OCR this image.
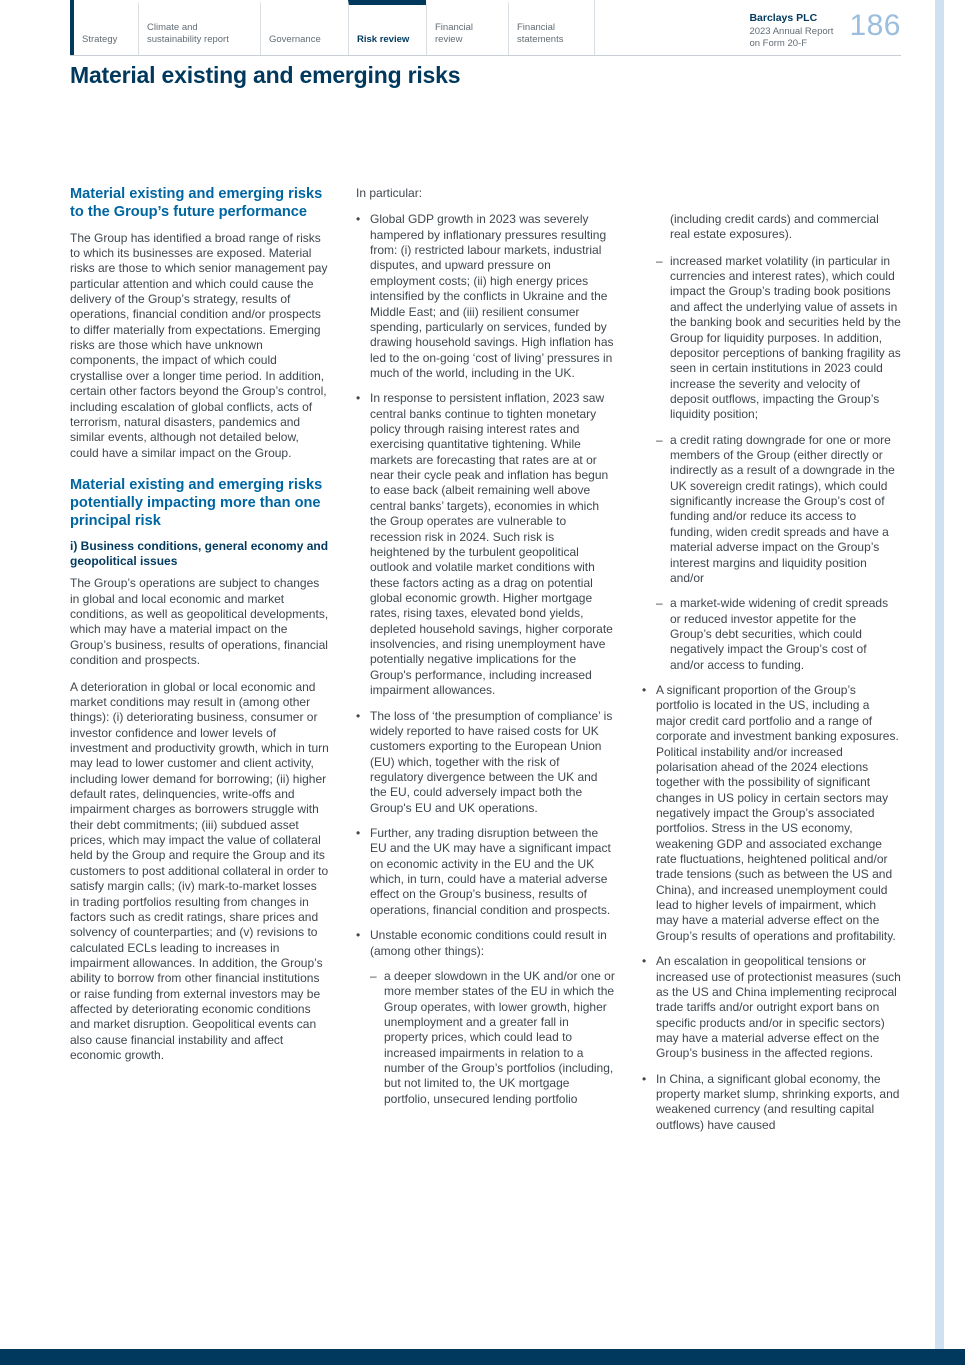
Strategy
Climate and sustainability report	Governance	Risk review
Financial review
Financial statements
Barclays PLC
2023 Annual Report
on Form 20-F
186
Material existing and emerging risks
Material existing and emerging risks to the Group’s future performance

The Group has identified a broad range of risks to which its businesses are exposed. Material risks are those to which senior management pay particular attention and which could cause the delivery of the Group’s strategy, results of operations, financial condition and/or prospects to differ materially from expectations. Emerging risks are those which have unknown components, the impact of which could crystallise over a longer time period. In addition, certain other factors beyond the Group’s control, including escalation of global conflicts, acts of terrorism, natural disasters, pandemics and similar events, although not detailed below, could have a similar impact on the Group.

Material existing and emerging risks potentially impacting more than one principal risk
i) Business conditions, general economy and geopolitical issues

The Group’s operations are subject to changes in global and local economic and market conditions, as well as geopolitical developments, which may have a material impact on the Group’s business, results of operations, financial condition and prospects.

A deterioration in global or local economic and market conditions may result in (among other things): (i) deteriorating business, consumer or investor confidence and lower levels of investment and productivity growth, which in turn may lead to lower customer and client activity, including lower demand for borrowing; (ii) higher default rates, delinquencies, write-offs and impairment charges as borrowers struggle with their debt commitments; (iii) subdued asset prices, which may impact the value of collateral held by the Group and require the Group and its customers to post additional collateral in order to satisfy margin calls; (iv) mark-to-market losses in trading portfolios resulting from changes in factors such as credit ratings, share prices and solvency of counterparties; and (v) revisions to calculated ECLs leading to increases in impairment allowances. In addition, the Group’s ability to borrow from other financial institutions or raise funding from external investors may be affected by deteriorating economic conditions and market disruption. Geopolitical events can also cause financial instability and affect economic growth.

In particular:

• Global GDP growth in 2023 was severely hampered by inflationary pressures resulting from: (i) restricted labour markets, industrial disputes, and upward pressure on employment costs; (ii) high energy prices intensified by the conflicts in Ukraine and the Middle East; and (iii) resilient consumer spending, particularly on services, funded by drawing household savings. High inflation has led to the on-going ‘cost of living’ pressures in much of the world, including in the UK.
• In response to persistent inflation, 2023 saw central banks continue to tighten monetary policy through raising interest rates and exercising quantitative tightening. While markets are forecasting that rates are at or near their cycle peak and inflation has begun to ease back (albeit remaining well above central banks’ targets), economies in which the Group operates are vulnerable to recession risk in 2024. Such risk is heightened by the turbulent geopolitical outlook and volatile market conditions with these factors acting as a drag on potential global economic growth. Higher mortgage rates, rising taxes, elevated bond yields, depleted household savings, higher corporate insolvencies, and rising unemployment have potentially negative implications for the Group's performance, including increased impairment allowances.
• The loss of ‘the presumption of compliance’ is widely reported to have raised costs for UK customers exporting to the European Union (EU) which, together with the risk of regulatory divergence between the UK and the EU, could adversely impact both the Group's EU and UK operations.
• Further, any trading disruption between the EU and the UK may have a significant impact on economic activity in the EU and the UK which, in turn, could have a material adverse effect on the Group’s business, results of operations, financial condition and prospects.
• Unstable economic conditions could result in (among other things):
– a deeper slowdown in the UK and/or one or more member states of the EU in which the Group operates, with lower growth, higher unemployment and a greater fall in property prices, which could lead to increased impairments in relation to a number of the Group’s portfolios (including, but not limited to, the UK mortgage portfolio, unsecured lending portfolio

(including credit cards) and commercial real estate exposures).

– increased market volatility (in particular in currencies and interest rates), which could impact the Group’s trading book positions and affect the underlying value of assets in the banking book and securities held by the Group for liquidity purposes. In addition, depositor perceptions of banking fragility as seen in certain institutions in 2023 could increase the severity and velocity of deposit outflows, impacting the Group’s liquidity position;
– a credit rating downgrade for one or more members of the Group (either directly or indirectly as a result of a downgrade in the UK sovereign credit ratings), which could significantly increase the Group’s cost of funding and/or reduce its access to funding, widen credit spreads and have a material adverse impact on the Group’s interest margins and liquidity position and/or
– a market-wide widening of credit spreads or reduced investor appetite for the Group’s debt securities, which could negatively impact the Group’s cost of and/or access to funding.
• A significant proportion of the Group’s portfolio is located in the US, including a major credit card portfolio and a range of corporate and investment banking exposures. Political instability and/or increased polarisation ahead of the 2024 elections together with the possibility of significant changes in US policy in certain sectors may negatively impact the Group’s associated portfolios. Stress in the US economy, weakening GDP and associated exchange rate fluctuations, heightened political and/or trade tensions (such as between the US and China), and increased unemployment could lead to higher levels of impairment, which may have a material adverse effect on the Group’s results of operations and profitability.
• An escalation in geopolitical tensions or increased use of protectionist measures (such as the US and China implementing reciprocal trade tariffs and/or outright export bans on specific products and/or in specific sectors) may have a material adverse effect on the Group’s business in the affected regions.
• In China, a significant global economy, the property market slump, shrinking exports, and weakened currency (and resulting capital outflows) have caused
